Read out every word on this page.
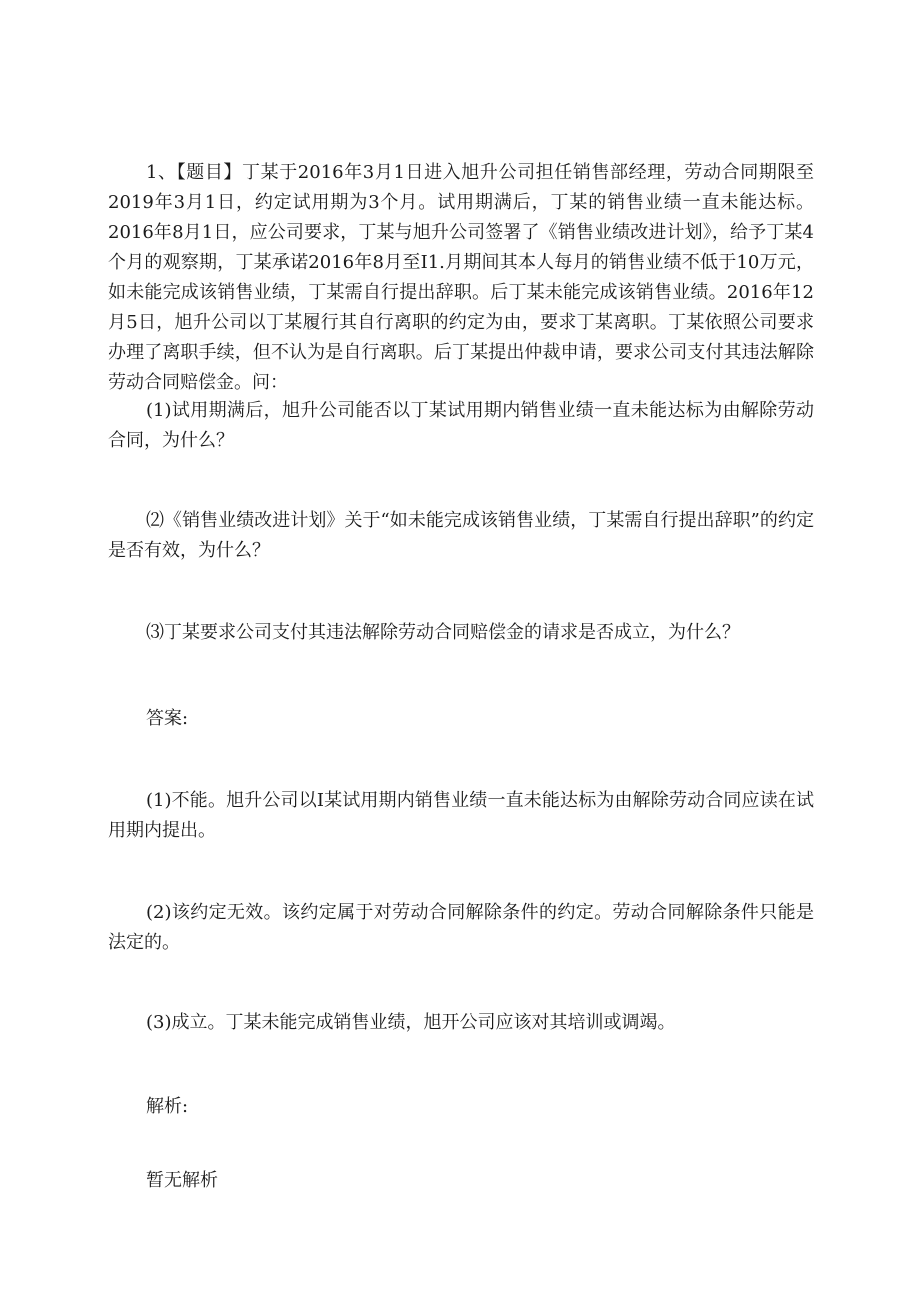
1、【题目】丁某于2016年3月1日进入旭升公司担任销售部经理，劳动合同期限至2019年3月1日，约定试用期为3个月。试用期满后，丁某的销售业绩一直未能达标。2016年8月1日，应公司要求，丁某与旭升公司签署了《销售业绩改进计划》，给予丁某4个月的观察期，丁某承诺2016年8月至I1.月期间其本人每月的销售业绩不低于10万元，如未能完成该销售业绩，丁某需自行提出辞职。后丁某未能完成该销售业绩。2016年12月5日，旭升公司以丁某履行其自行离职的约定为由，要求丁某离职。丁某依照公司要求办理了离职手续，但不认为是自行离职。后丁某提出仲裁申请，要求公司支付其违法解除劳动合同赔偿金。问：

(1)试用期满后，旭升公司能否以丁某试用期内销售业绩一直未能达标为由解除劳动合同，为什么？

⑵《销售业绩改进计划》关于“如未能完成该销售业绩，丁某需自行提出辞职”的约定是否有效，为什么？

⑶丁某要求公司支付其违法解除劳动合同赔偿金的请求是否成立，为什么？

答案:

(1)不能。旭升公司以I某试用期内销售业绩一直未能达标为由解除劳动合同应读在试用期内提出。

(2)该约定无效。该约定属于对劳动合同解除条件的约定。劳动合同解除条件只能是法定的。

(3)成立。丁某未能完成销售业绩，旭开公司应该对其培训或调竭。

解析:

暂无解析
